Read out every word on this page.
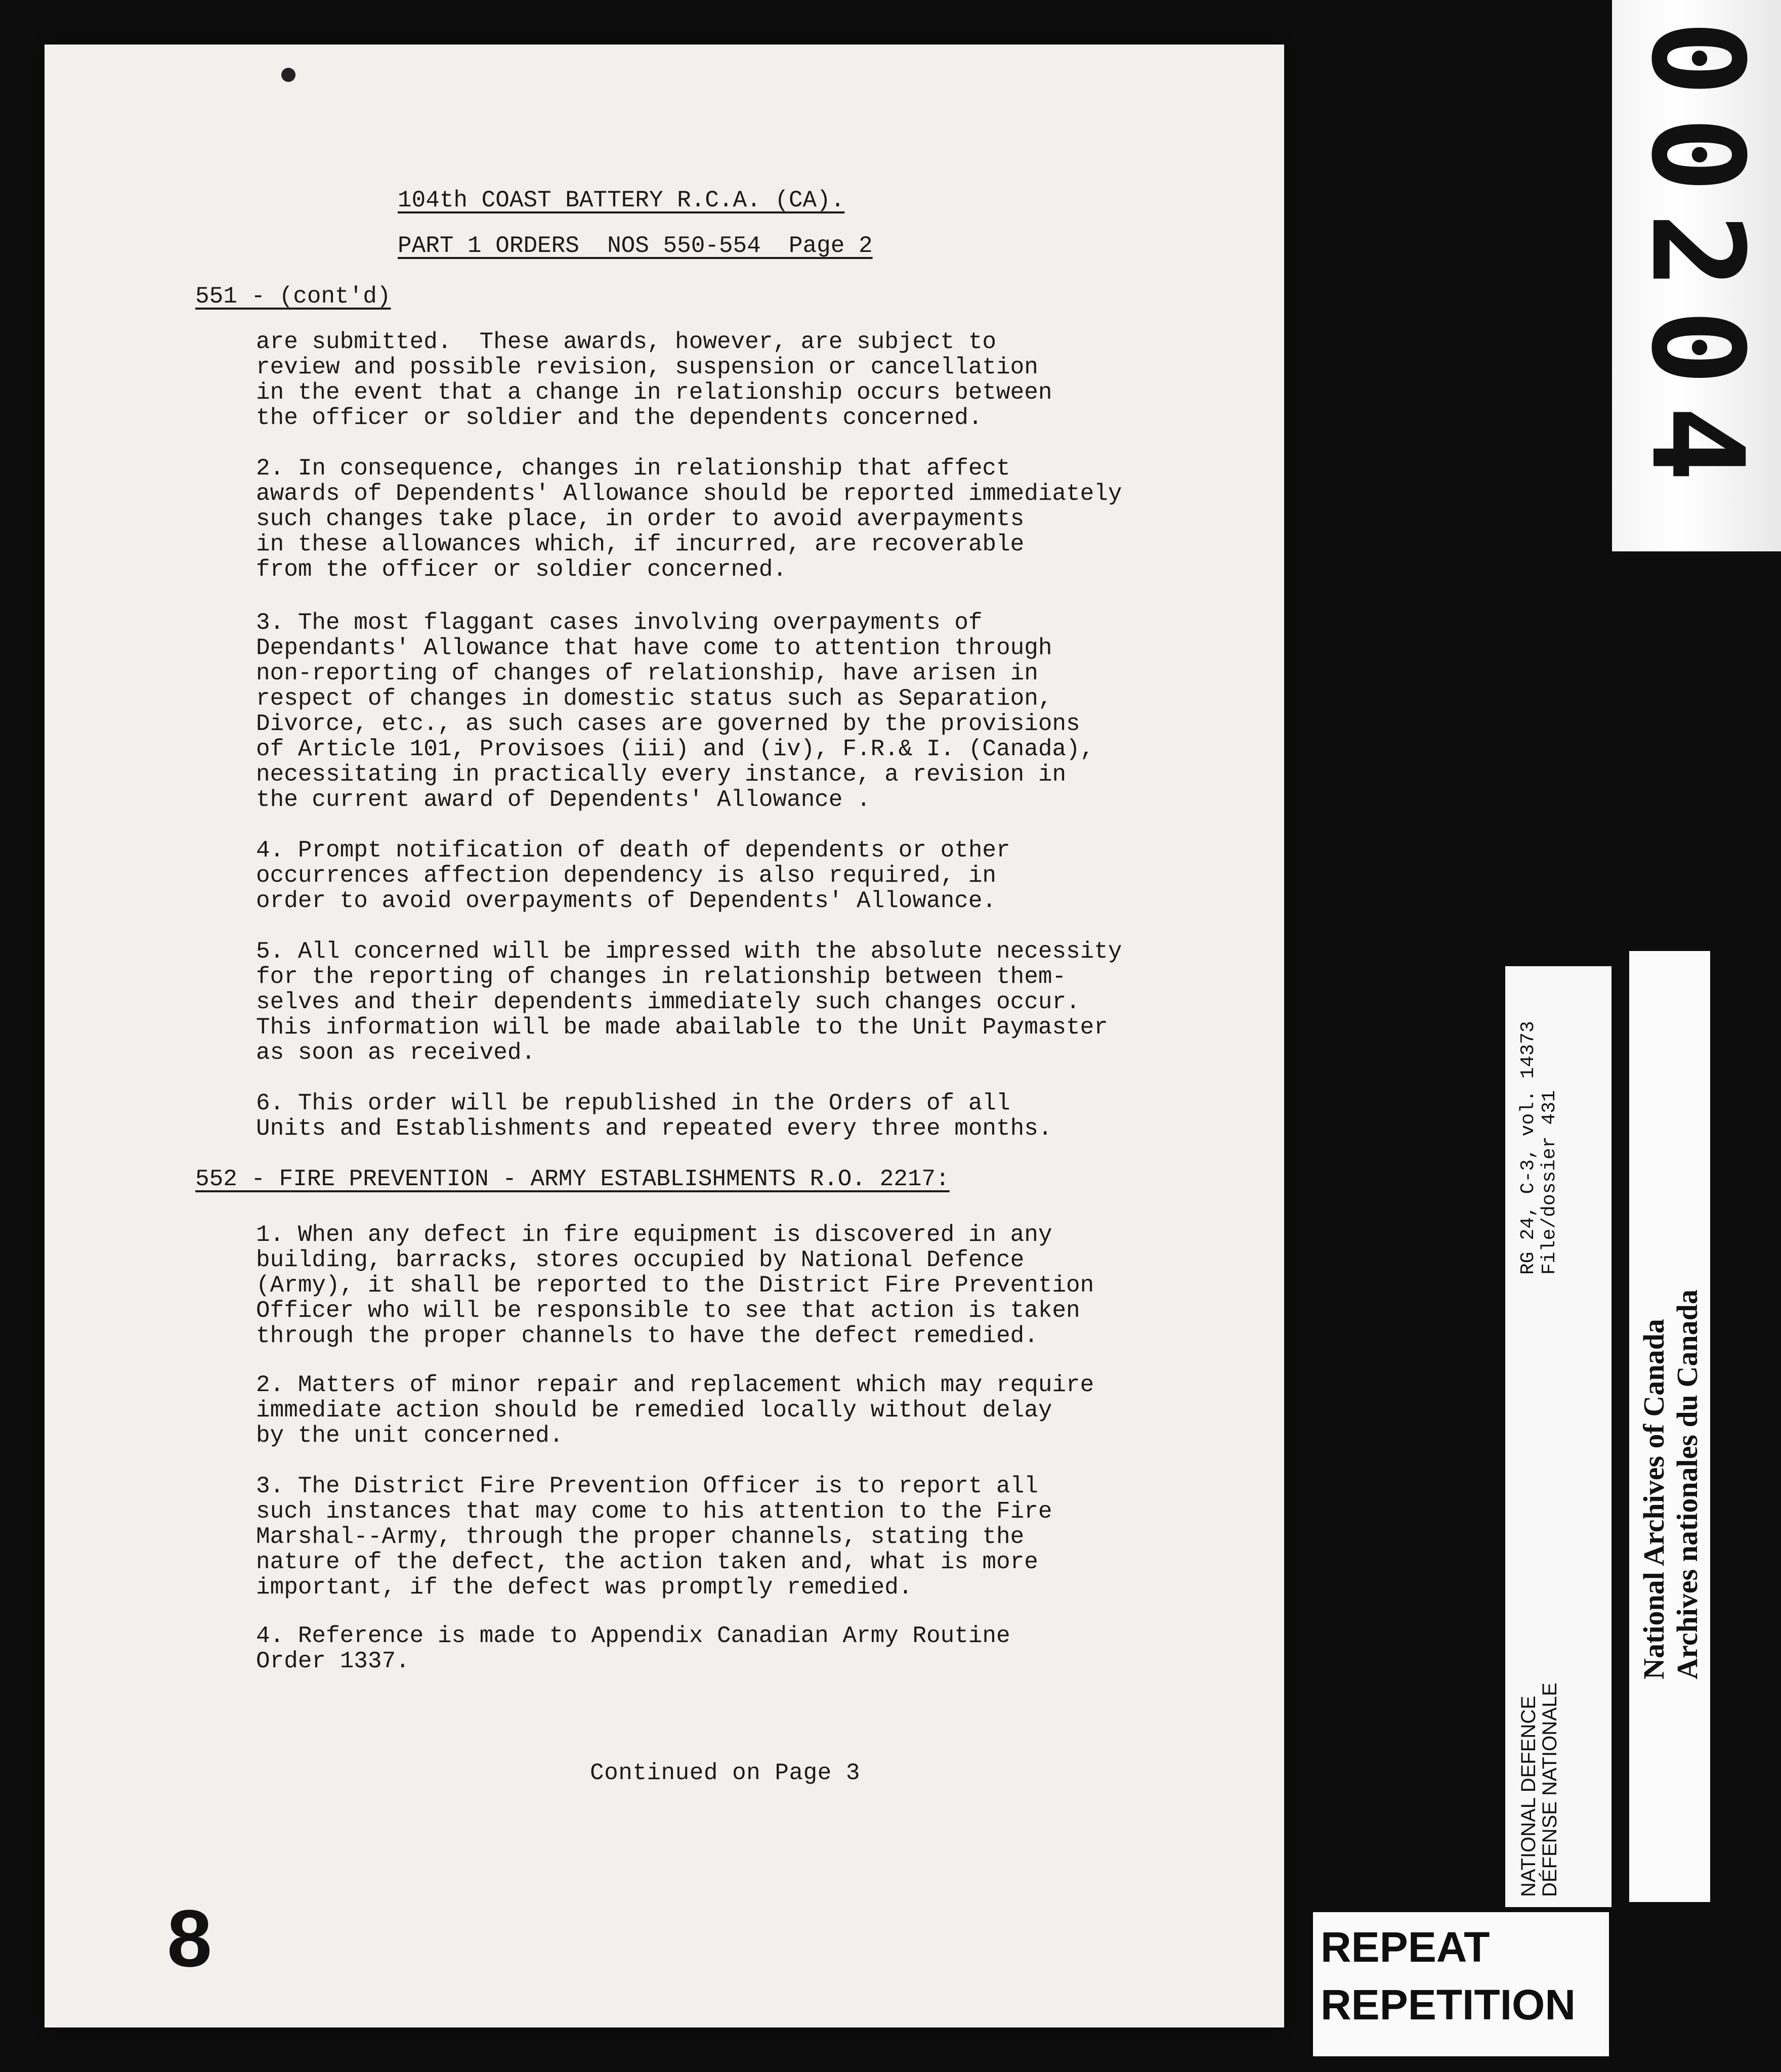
104th COAST BATTERY R.C.A. (CA).
PART 1 ORDERS  NOS 550-554  Page 2
551 - (cont'd)
are submitted.  These awards, however, are subject to
review and possible revision, suspension or cancellation
in the event that a change in relationship occurs between
the officer or soldier and the dependents concerned.
2. In consequence, changes in relationship that affect
awards of Dependents' Allowance should be reported immediately
such changes take place, in order to avoid averpayments
in these allowances which, if incurred, are recoverable
from the officer or soldier concerned.
3. The most flaggant cases involving overpayments of
Dependants' Allowance that have come to attention through
non-reporting of changes of relationship, have arisen in
respect of changes in domestic status such as Separation,
Divorce, etc., as such cases are governed by the provisions
of Article 101, Provisoes (iii) and (iv), F.R.& I. (Canada),
necessitating in practically every instance, a revision in
the current award of Dependents' Allowance .
4. Prompt notification of death of dependents or other
occurrences affection dependency is also required, in
order to avoid overpayments of Dependents' Allowance.
5. All concerned will be impressed with the absolute necessity
for the reporting of changes in relationship between them-
selves and their dependents immediately such changes occur.
This information will be made abailable to the Unit Paymaster
as soon as received.
6. This order will be republished in the Orders of all
Units and Establishments and repeated every three months.
552 - FIRE PREVENTION - ARMY ESTABLISHMENTS R.O. 2217:
1. When any defect in fire equipment is discovered in any
building, barracks, stores occupied by National Defence
(Army), it shall be reported to the District Fire Prevention
Officer who will be responsible to see that action is taken
through the proper channels to have the defect remedied.
2. Matters of minor repair and replacement which may require
immediate action should be remedied locally without delay
by the unit concerned.
3. The District Fire Prevention Officer is to report all
such instances that may come to his attention to the Fire
Marshal--Army, through the proper channels, stating the
nature of the defect, the action taken and, what is more
important, if the defect was promptly remedied.
4. Reference is made to Appendix Canadian Army Routine
Order 1337.
Continued on Page 3
8
00204
NATIONAL DEFENCE
DÉFENSE NATIONALE
RG 24, C-3, vol. 14373
File/dossier 431
National Archives of Canada
Archives nationales du Canada
REPEAT
REPETITION
